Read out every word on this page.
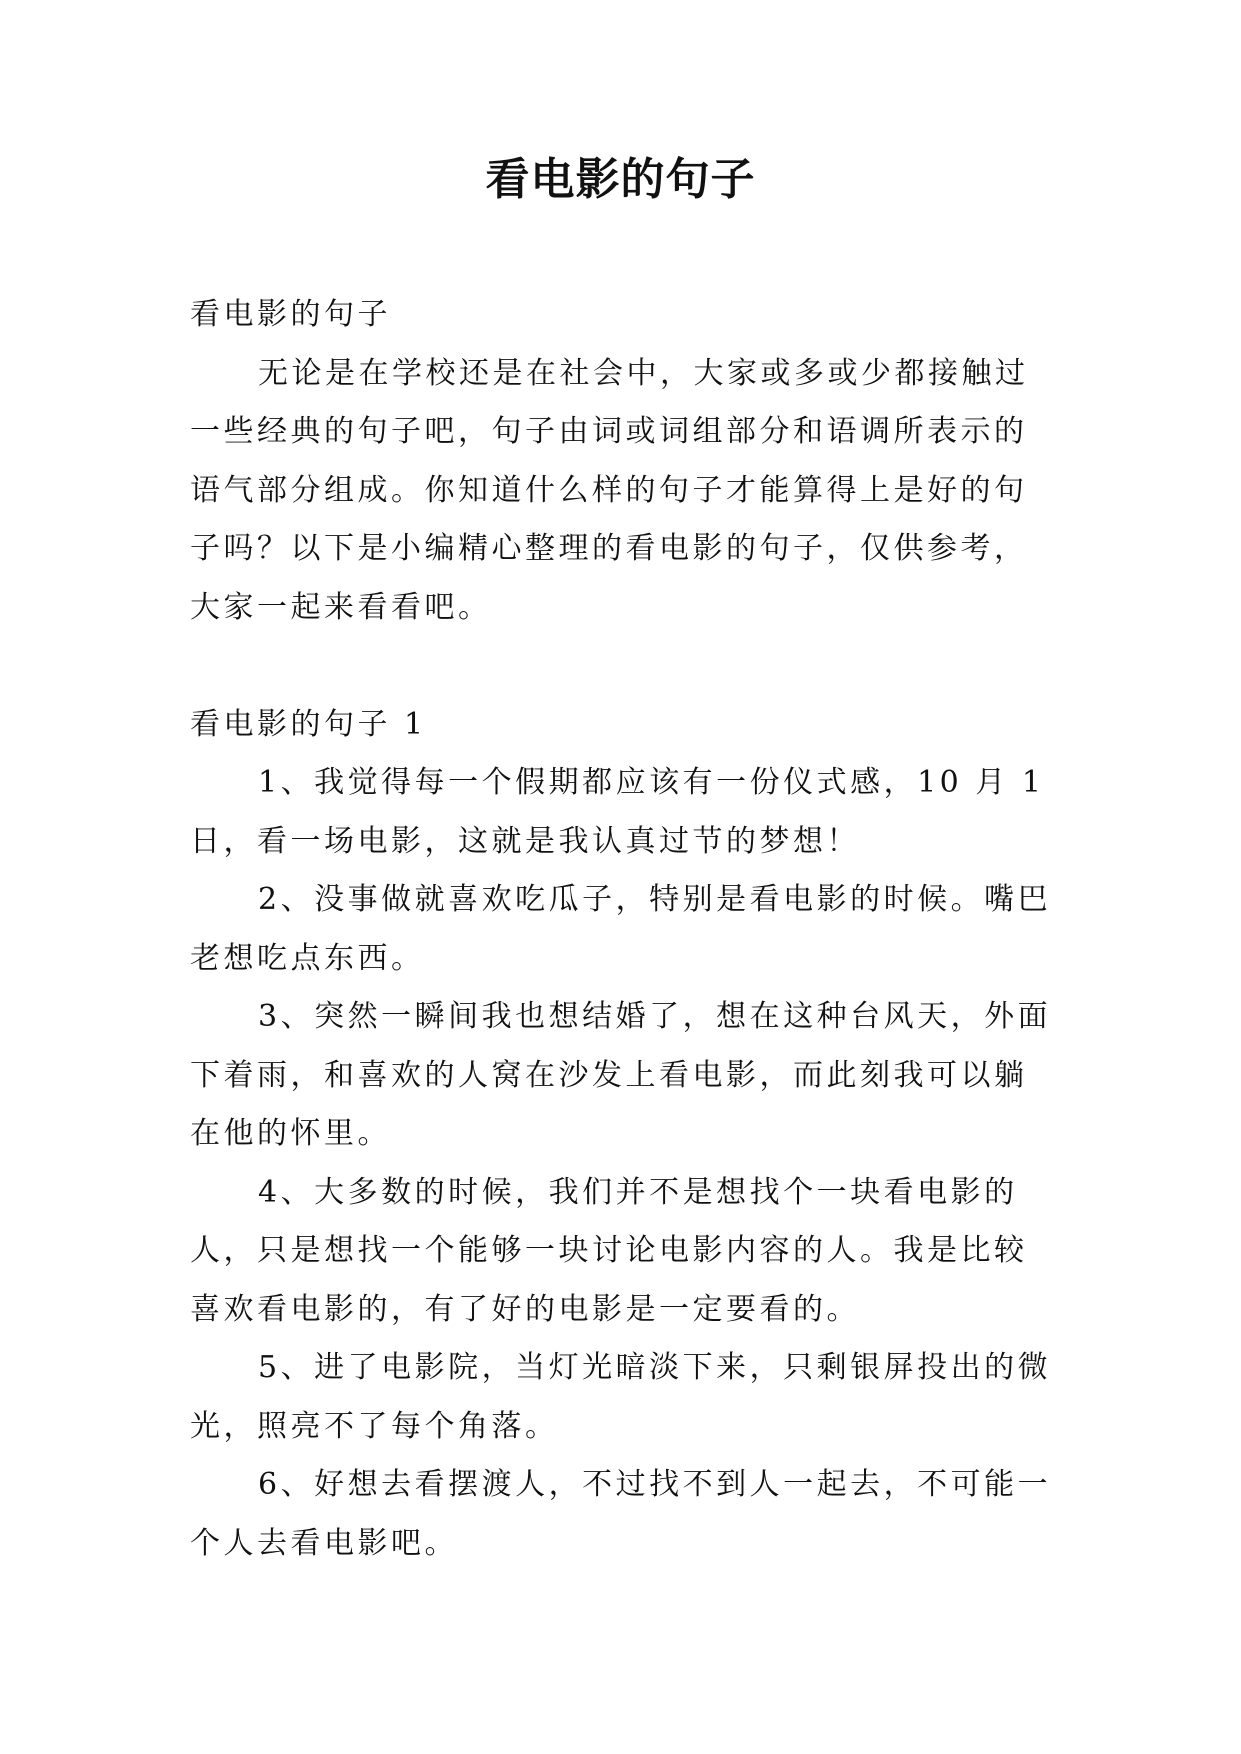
看电影的句子

看电影的句子

无论是在学校还是在社会中，大家或多或少都接触过一些经典的句子吧，句子由词或词组部分和语调所表示的语气部分组成。你知道什么样的句子才能算得上是好的句子吗？以下是小编精心整理的看电影的句子，仅供参考，大家一起来看看吧。

看电影的句子 1

1、我觉得每一个假期都应该有一份仪式感，10 月 1 日，看一场电影，这就是我认真过节的梦想！

2、没事做就喜欢吃瓜子，特别是看电影的时候。嘴巴老想吃点东西。

3、突然一瞬间我也想结婚了，想在这种台风天，外面下着雨，和喜欢的人窝在沙发上看电影，而此刻我可以躺在他的怀里。

4、大多数的时候，我们并不是想找个一块看电影的人，只是想找一个能够一块讨论电影内容的人。我是比较喜欢看电影的，有了好的电影是一定要看的。

5、进了电影院，当灯光暗淡下来，只剩银屏投出的微光，照亮不了每个角落。

6、好想去看摆渡人，不过找不到人一起去，不可能一个人去看电影吧。
